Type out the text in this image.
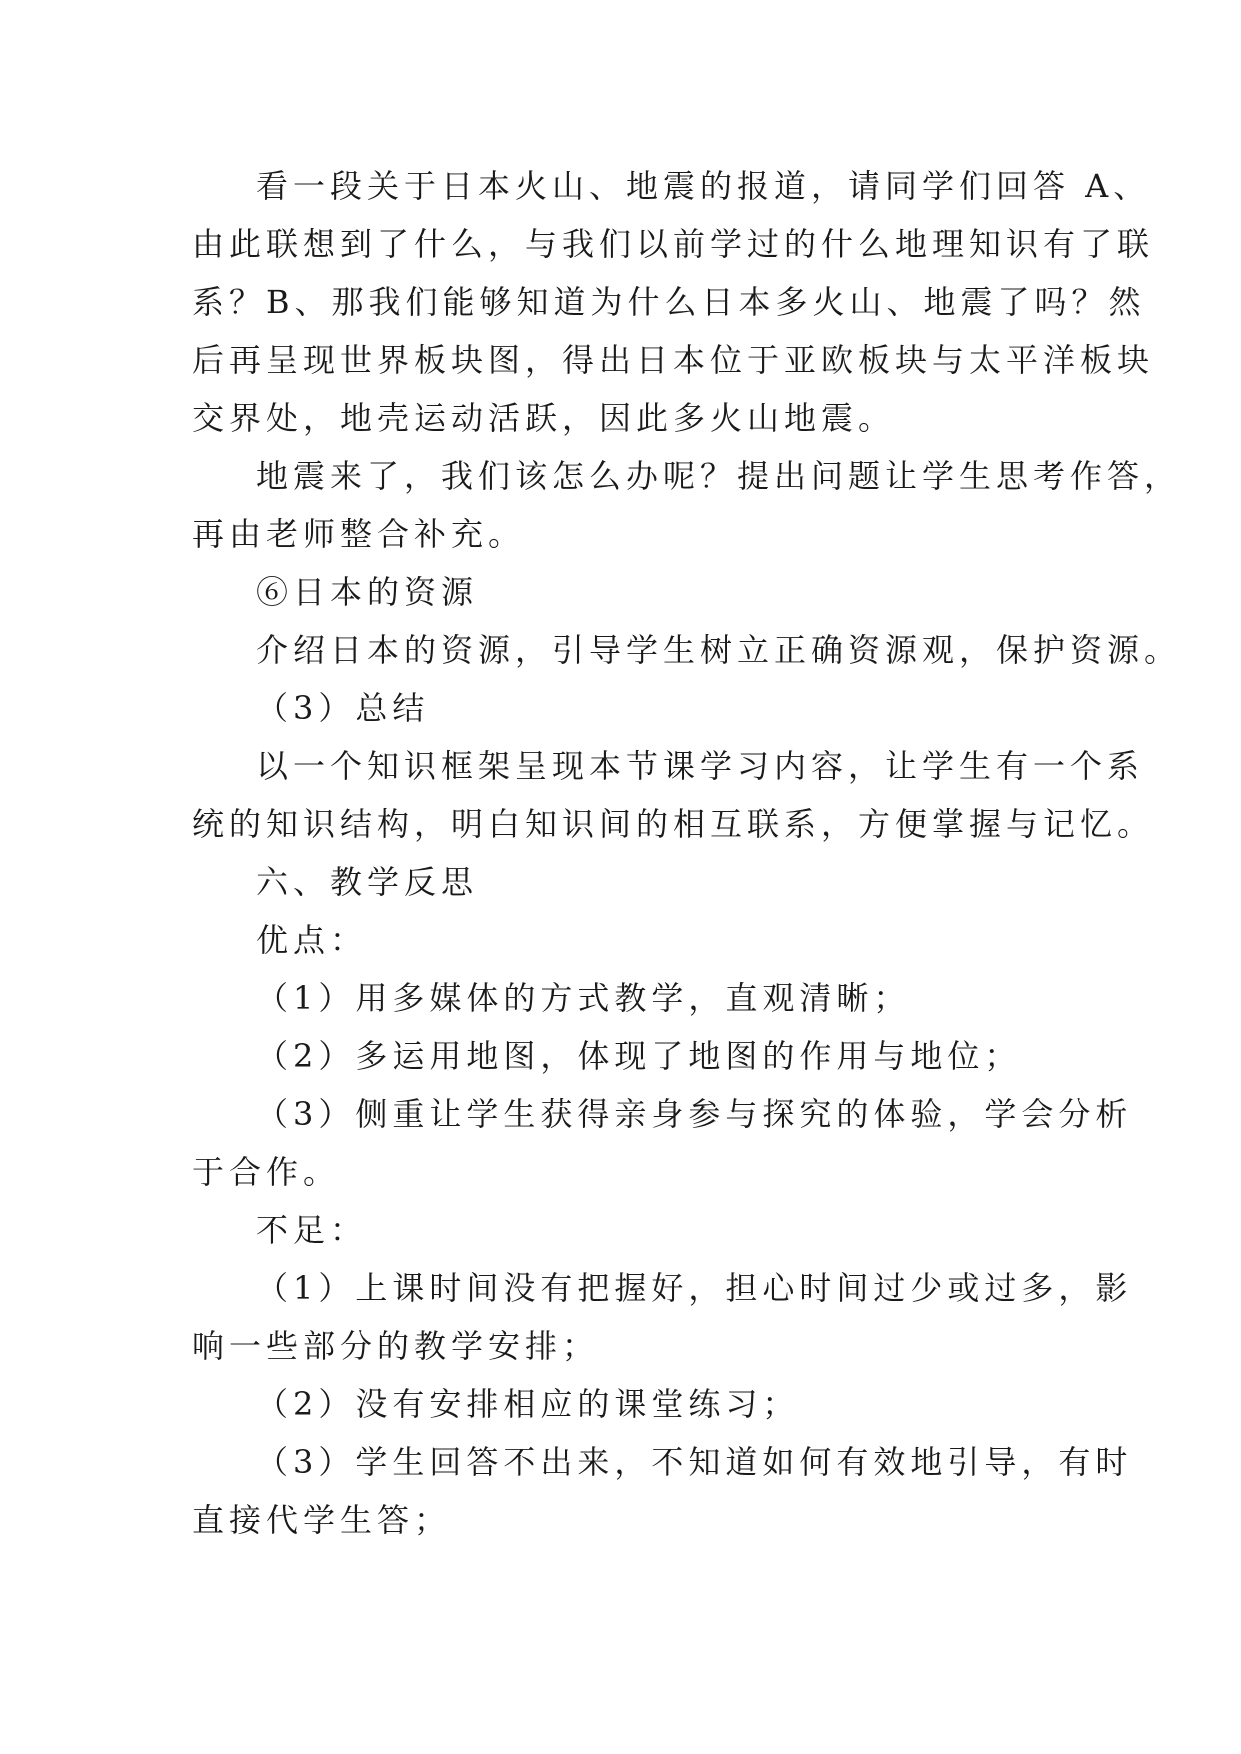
看一段关于日本火山、地震的报道，请同学们回答 A、
由此联想到了什么，与我们以前学过的什么地理知识有了联
系？B、那我们能够知道为什么日本多火山、地震了吗？然
后再呈现世界板块图，得出日本位于亚欧板块与太平洋板块
交界处，地壳运动活跃，因此多火山地震。

地震来了，我们该怎么办呢？提出问题让学生思考作答，
再由老师整合补充。

⑥日本的资源

介绍日本的资源，引导学生树立正确资源观，保护资源。

（3）总结

以一个知识框架呈现本节课学习内容，让学生有一个系
统的知识结构，明白知识间的相互联系，方便掌握与记忆。

六、教学反思

优点：

（1）用多媒体的方式教学，直观清晰；

（2）多运用地图，体现了地图的作用与地位；

（3）侧重让学生获得亲身参与探究的体验，学会分析
于合作。

不足：

（1）上课时间没有把握好，担心时间过少或过多，影
响一些部分的教学安排；

（2）没有安排相应的课堂练习；

（3）学生回答不出来，不知道如何有效地引导，有时
直接代学生答；
